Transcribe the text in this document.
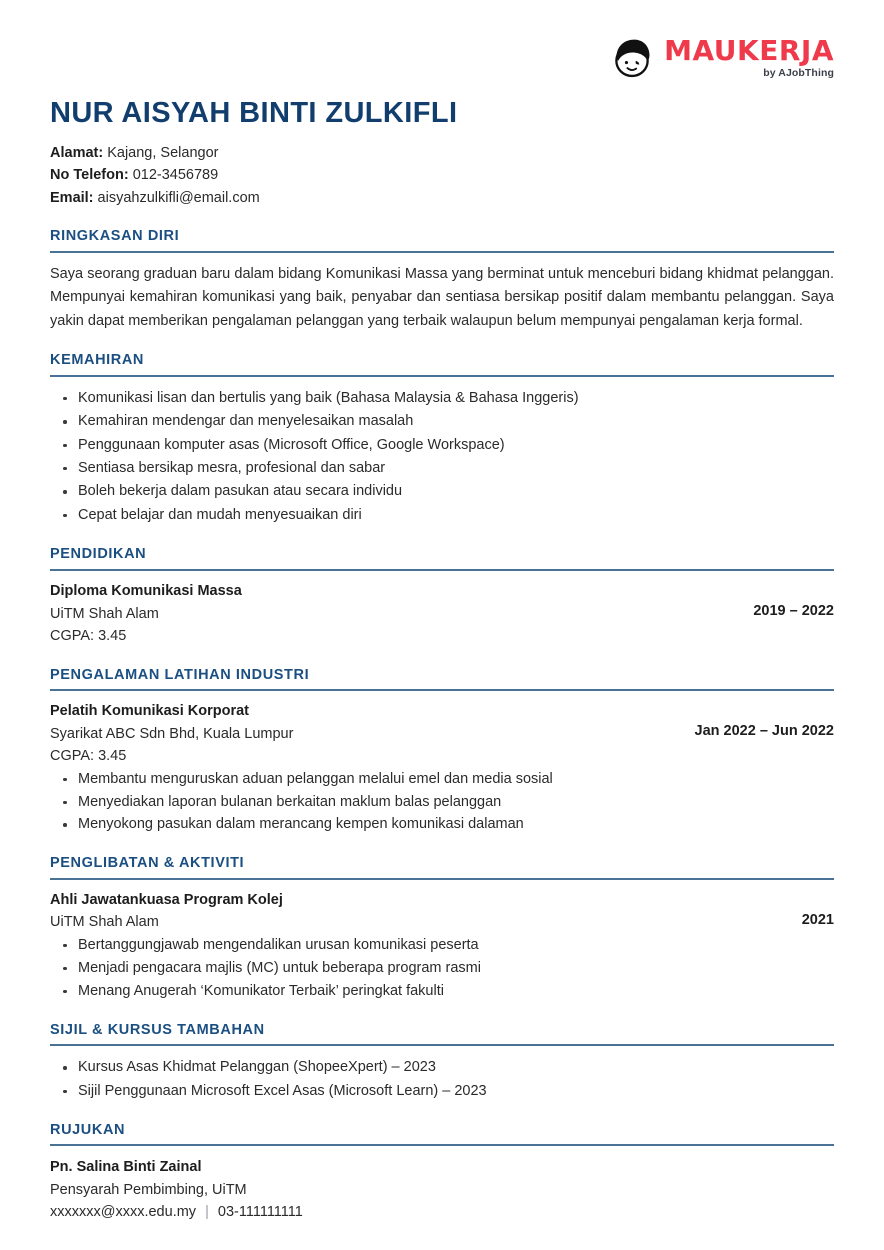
MAUKERJA
by AJobThing
NUR AISYAH BINTI ZULKIFLI
Alamat: Kajang, Selangor
No Telefon: 012-3456789
Email: aisyahzulkifli@email.com
RINGKASAN DIRI

Saya seorang graduan baru dalam bidang Komunikasi Massa yang berminat untuk menceburi bidang khidmat pelanggan. Mempunyai kemahiran komunikasi yang baik, penyabar dan sentiasa bersikap positif dalam membantu pelanggan. Saya yakin dapat memberikan pengalaman pelanggan yang terbaik walaupun belum mempunyai pengalaman kerja formal.

KEMAHIRAN
Komunikasi lisan dan bertulis yang baik (Bahasa Malaysia & Bahasa Inggeris)
Kemahiran mendengar dan menyelesaikan masalah
Penggunaan komputer asas (Microsoft Office, Google Workspace)
Sentiasa bersikap mesra, profesional dan sabar
Boleh bekerja dalam pasukan atau secara individu
Cepat belajar dan mudah menyesuaikan diri
PENDIDIKAN
Diploma Komunikasi Massa
UiTM Shah Alam
CGPA: 3.45
2019 – 2022
PENGALAMAN LATIHAN INDUSTRI
Pelatih Komunikasi Korporat
Syarikat ABC Sdn Bhd, Kuala Lumpur
CGPA: 3.45
Membantu menguruskan aduan pelanggan melalui emel dan media sosial
Menyediakan laporan bulanan berkaitan maklum balas pelanggan
Menyokong pasukan dalam merancang kempen komunikasi dalaman
Jan 2022 – Jun 2022
PENGLIBATAN & AKTIVITI
Ahli Jawatankuasa Program Kolej
UiTM Shah Alam
Bertanggungjawab mengendalikan urusan komunikasi peserta
Menjadi pengacara majlis (MC) untuk beberapa program rasmi
Menang Anugerah ‘Komunikator Terbaik’ peringkat fakulti
2021
SIJIL & KURSUS TAMBAHAN
Kursus Asas Khidmat Pelanggan (ShopeeXpert) – 2023
Sijil Penggunaan Microsoft Excel Asas (Microsoft Learn) – 2023
RUJUKAN
Pn. Salina Binti Zainal
Pensyarah Pembimbing, UiTM
xxxxxxx@xxxx.edu.my | 03-111111111
